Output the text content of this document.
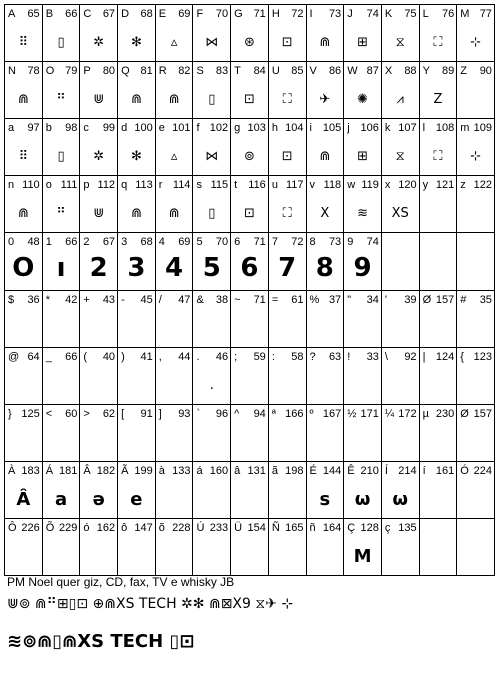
A 65
⠿
B 66
▯
C 67
✲
D 68
✻
E 69
▵
F 70
⋈
G 71
⊛
H 72
⊡
I 73
⋒
J 74
⊞
K 75
⧖
L 76
⛶
M 77
⊹
N 78
⋒
O 79
⠛
P 80
⋓
Q 81
⋒
R 82
⋒
S 83
▯
T 84
⊡
U 85
⛶
V 86
✈
W 87
✺
X 88
⩘
Y 89
Z
Z 90
a 97
⠿
b 98
▯
c 99
✲
d 100
✻
e 101
▵
f 102
⋈
g 103
⊚
h 104
⊡
i 105
⋒
j 106
⊞
k 107
⧖
l 108
⛶
m 109
⊹
n 110
⋒
o 111
⠛
p 112
⋓
q 113
⋒
r 114
⋒
s 115
▯
t 116
⊡
u 117
⛶
v 118
X
w 119
≋
x 120
XS
y 121 z 122
0 48
O
1 66
ı
2 67
2
3 68
3
4 69
4
5 70
5
6 71
6
7 72
7
8 73
8
9 74
9
$ 36 * 42 + 43 - 45 / 47 & 38 ~ 71 = 61 % 37 " 34 ' 39 Ø 157 # 35
@ 64 _ 66 ( 40 ) 41 , 44 . 46
.
; 59 : 58 ? 63 ! 33 \ 92 | 124 { 123
} 125 < 60 > 62 [ 91 ] 93 ` 96 ^ 94 ª 166 º 167 ½ 171 ¼ 172 µ 230 Ø 157
À 183
Ȃ
Á 181
a
Â 182
ə
Ã 199
e
à 133 á 160 â 131 ã 198 É 144
s
Ê 210
ω
Í 214
ω
í 161 Ó 224
Ô 226 Õ 229 ó 162 ô 147 õ 228 Ú 233 Ü 154 Ñ 165 ñ 164 Ç 128
M
ç 135
PM Noel quer giz, CD, fax, TV e whisky JB
⋓⊚ ⋒⠛⊞▯⊡ ⊕⋒XS TECH ✲✻ ⋒⊠X9 ⧖✈ ⊹
≋⊚⋒▯⋒XS TECH ▯⊡
